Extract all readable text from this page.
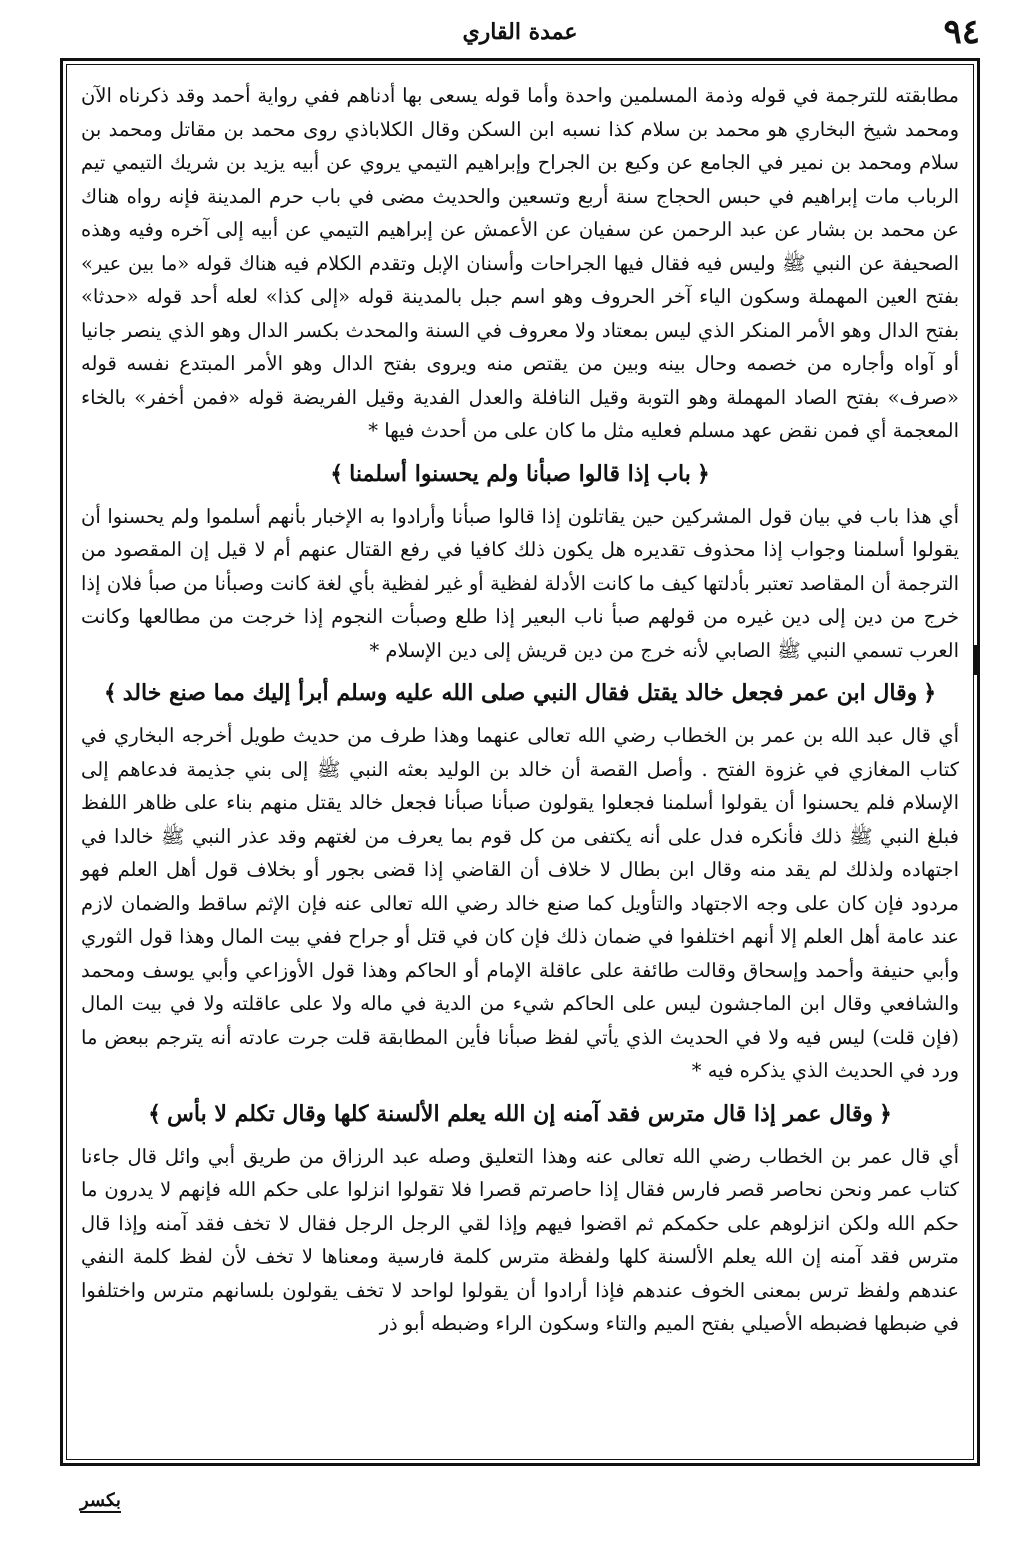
٩٤
عمدة القاري

مطابقته للترجمة في قوله وذمة المسلمين واحدة وأما قوله يسعى بها أدناهم ففي رواية أحمد وقد ذكرناه الآن ومحمد شيخ البخاري هو محمد بن سلام كذا نسبه ابن السكن وقال الكلاباذي روى محمد بن مقاتل ومحمد بن سلام ومحمد بن نمير في الجامع عن وكيع بن الجراح وإبراهيم التيمي يروي عن أبيه يزيد بن شريك التيمي تيم الرباب مات إبراهيم في حبس الحجاج سنة أربع وتسعين والحديث مضى في باب حرم المدينة فإنه رواه هناك عن محمد بن بشار عن عبد الرحمن عن سفيان عن الأعمش عن إبراهيم التيمي عن أبيه إلى آخره وفيه وهذه الصحيفة عن النبي ﷺ وليس فيه فقال فيها الجراحات وأسنان الإبل وتقدم الكلام فيه هناك قوله «ما بين عير» بفتح العين المهملة وسكون الياء آخر الحروف وهو اسم جبل بالمدينة قوله «إلى كذا» لعله أحد قوله «حدثا» بفتح الدال وهو الأمر المنكر الذي ليس بمعتاد ولا معروف في السنة والمحدث بكسر الدال وهو الذي ينصر جانيا أو آواه وأجاره من خصمه وحال بينه وبين من يقتص منه ويروى بفتح الدال وهو الأمر المبتدع نفسه قوله «صرف» بفتح الصاد المهملة وهو التوبة وقيل النافلة والعدل الفدية وقيل الفريضة قوله «فمن أخفر» بالخاء المعجمة أي فمن نقض عهد مسلم فعليه مثل ما كان على من أحدث فيها *

﴿باب إذا قالوا صبأنا ولم يحسنوا أسلمنا﴾

أي هذا باب في بيان قول المشركين حين يقاتلون إذا قالوا صبأنا وأرادوا به الإخبار بأنهم أسلموا ولم يحسنوا أن يقولوا أسلمنا وجواب إذا محذوف تقديره هل يكون ذلك كافيا في رفع القتال عنهم أم لا قيل إن المقصود من الترجمة أن المقاصد تعتبر بأدلتها كيف ما كانت الأدلة لفظية أو غير لفظية بأي لغة كانت وصبأنا من صبأ فلان إذا خرج من دين إلى دين غيره من قولهم صبأ ناب البعير إذا طلع وصبأت النجوم إذا خرجت من مطالعها وكانت العرب تسمي النبي ﷺ الصابي لأنه خرج من دين قريش إلى دين الإسلام *

﴿وقال ابن عمر فجعل خالد يقتل فقال النبي صلى الله عليه وسلم أبرأ إليك مما صنع خالد﴾

أي قال عبد الله بن عمر بن الخطاب رضي الله تعالى عنهما وهذا طرف من حديث طويل أخرجه البخاري في كتاب المغازي في غزوة الفتح . وأصل القصة أن خالد بن الوليد بعثه النبي ﷺ إلى بني جذيمة فدعاهم إلى الإسلام فلم يحسنوا أن يقولوا أسلمنا فجعلوا يقولون صبأنا صبأنا فجعل خالد يقتل منهم بناء على ظاهر اللفظ فبلغ النبي ﷺ ذلك فأنكره فدل على أنه يكتفى من كل قوم بما يعرف من لغتهم وقد عذر النبي ﷺ خالدا في اجتهاده ولذلك لم يقد منه وقال ابن بطال لا خلاف أن القاضي إذا قضى بجور أو بخلاف قول أهل العلم فهو مردود فإن كان على وجه الاجتهاد والتأويل كما صنع خالد رضي الله تعالى عنه فإن الإثم ساقط والضمان لازم عند عامة أهل العلم إلا أنهم اختلفوا في ضمان ذلك فإن كان في قتل أو جراح ففي بيت المال وهذا قول الثوري وأبي حنيفة وأحمد وإسحاق وقالت طائفة على عاقلة الإمام أو الحاكم وهذا قول الأوزاعي وأبي يوسف ومحمد والشافعي وقال ابن الماجشون ليس على الحاكم شيء من الدية في ماله ولا على عاقلته ولا في بيت المال (فإن قلت) ليس فيه ولا في الحديث الذي يأتي لفظ صبأنا فأين المطابقة قلت جرت عادته أنه يترجم ببعض ما ورد في الحديث الذي يذكره فيه *

﴿وقال عمر إذا قال مترس فقد آمنه إن الله يعلم الألسنة كلها وقال تكلم لا بأس﴾

أي قال عمر بن الخطاب رضي الله تعالى عنه وهذا التعليق وصله عبد الرزاق من طريق أبي وائل قال جاءنا كتاب عمر ونحن نحاصر قصر فارس فقال إذا حاصرتم قصرا فلا تقولوا انزلوا على حكم الله فإنهم لا يدرون ما حكم الله ولكن انزلوهم على حكمكم ثم اقضوا فيهم وإذا لقي الرجل الرجل فقال لا تخف فقد آمنه وإذا قال مترس فقد آمنه إن الله يعلم الألسنة كلها ولفظة مترس كلمة فارسية ومعناها لا تخف لأن لفظ كلمة النفي عندهم ولفظ ترس بمعنى الخوف عندهم فإذا أرادوا أن يقولوا لواحد لا تخف يقولون بلسانهم مترس واختلفوا في ضبطها فضبطه الأصيلي بفتح الميم والتاء وسكون الراء وضبطه أبو ذر

بكسر
